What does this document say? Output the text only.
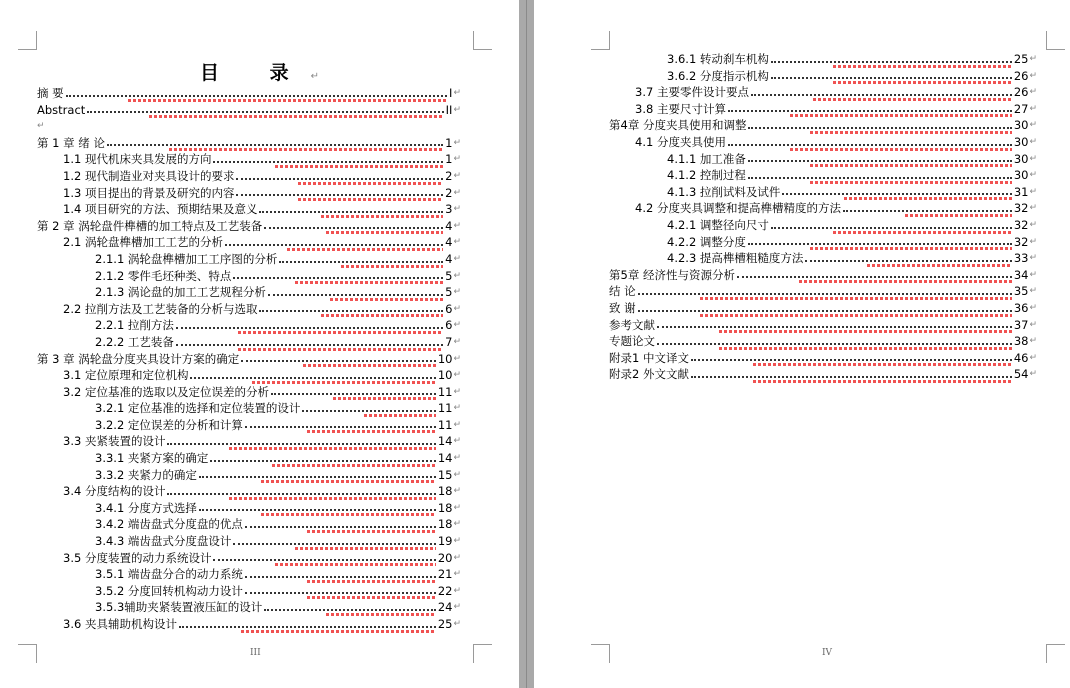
目 录↵
III	IV
摘 要	I ↵
Abstract	II ↵
↵
第 1 章 绪 论	1 ↵
1.1 现代机床夹具发展的方向	1 ↵
1.2 现代制造业对夹具设计的要求	2 ↵
1.3 项目提出的背景及研究的内容	2 ↵
1.4 项目研究的方法、预期结果及意义	3 ↵
第 2 章 涡轮盘件榫槽的加工特点及工艺装备	4 ↵
2.1 涡轮盘榫槽加工工艺的分析	4 ↵
2.1.1 涡轮盘榫槽加工工序图的分析	4 ↵
2.1.2 零件毛坯种类、特点	5 ↵
2.1.3 涡论盘的加工工艺规程分析	5 ↵
2.2 拉削方法及工艺装备的分析与选取	6 ↵
2.2.1 拉削方法	6 ↵
2.2.2 工艺装备	7 ↵
第 3 章 涡轮盘分度夹具设计方案的确定	10 ↵
3.1 定位原理和定位机构	10 ↵
3.2 定位基准的选取以及定位误差的分析	11 ↵
3.2.1 定位基准的选择和定位装置的设计	11 ↵
3.2.2 定位误差的分析和计算	11 ↵
3.3 夹紧装置的设计	14 ↵
3.3.1 夹紧方案的确定	14 ↵
3.3.2 夹紧力的确定	15 ↵
3.4 分度结构的设计	18 ↵
3.4.1 分度方式选择	18 ↵
3.4.2 端齿盘式分度盘的优点	18 ↵
3.4.3 端齿盘式分度盘设计	19 ↵
3.5 分度装置的动力系统设计	20 ↵
3.5.1 端齿盘分合的动力系统	21 ↵
3.5.2 分度回转机构动力设计	22 ↵
3.5.3辅助夹紧装置液压缸的设计	24 ↵
3.6 夹具辅助机构设计	25 ↵
3.6.1 转动刹车机构	25 ↵
3.6.2 分度指示机构	26 ↵
3.7 主要零件设计要点	26 ↵
3.8 主要尺寸计算	27 ↵
第4章 分度夹具使用和调整	30 ↵
4.1 分度夹具使用	30 ↵
4.1.1 加工准备	30 ↵
4.1.2 控制过程	30 ↵
4.1.3 拉削试料及试件	31 ↵
4.2 分度夹具调整和提高榫槽精度的方法	32 ↵
4.2.1 调整径向尺寸	32 ↵
4.2.2 调整分度	32 ↵
4.2.3 提高榫槽粗糙度方法	33 ↵
第5章 经济性与资源分析	34 ↵
结 论	35 ↵
致 谢	36 ↵
参考文献	37 ↵
专题论文	38 ↵
附录1 中文译文	46 ↵
附录2 外文文献	54 ↵
